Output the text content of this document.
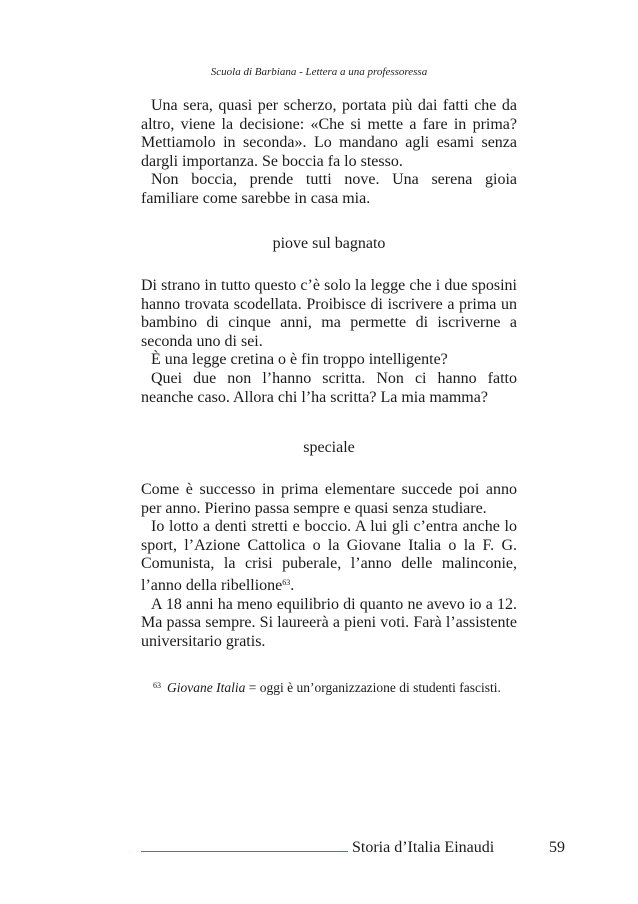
Scuola di Barbiana - Lettera a una professoressa

Una sera, quasi per scherzo, portata più dai fatti che da altro, viene la decisione: «Che si mette a fare in prima? Mettiamolo in seconda». Lo mandano agli esami senza dargli importanza. Se boccia fa lo stesso.

Non boccia, prende tutti nove. Una serena gioia familiare come sarebbe in casa mia.

piove sul bagnato

Di strano in tutto questo c’è solo la legge che i due sposini hanno trovata scodellata. Proibisce di iscrivere a prima un bambino di cinque anni, ma permette di iscriverne a seconda uno di sei.

È una legge cretina o è fin troppo intelligente?

Quei due non l’hanno scritta. Non ci hanno fatto neanche caso. Allora chi l’ha scritta? La mia mamma?

speciale

Come è successo in prima elementare succede poi anno per anno. Pierino passa sempre e quasi senza studiare.

Io lotto a denti stretti e boccio. A lui gli c’entra anche lo sport, l’Azione Cattolica o la Giovane Italia o la F. G. Comunista, la crisi puberale, l’anno delle malinconie, l’anno della ribellione$^{63}$.

A 18 anni ha meno equilibrio di quanto ne avevo io a 12. Ma passa sempre. Si laureerà a pieni voti. Farà l’assistente universitario gratis.

$^{63}$ Giovane Italia = oggi è un’organizzazione di studenti fascisti.
Storia d’Italia Einaudi	59
